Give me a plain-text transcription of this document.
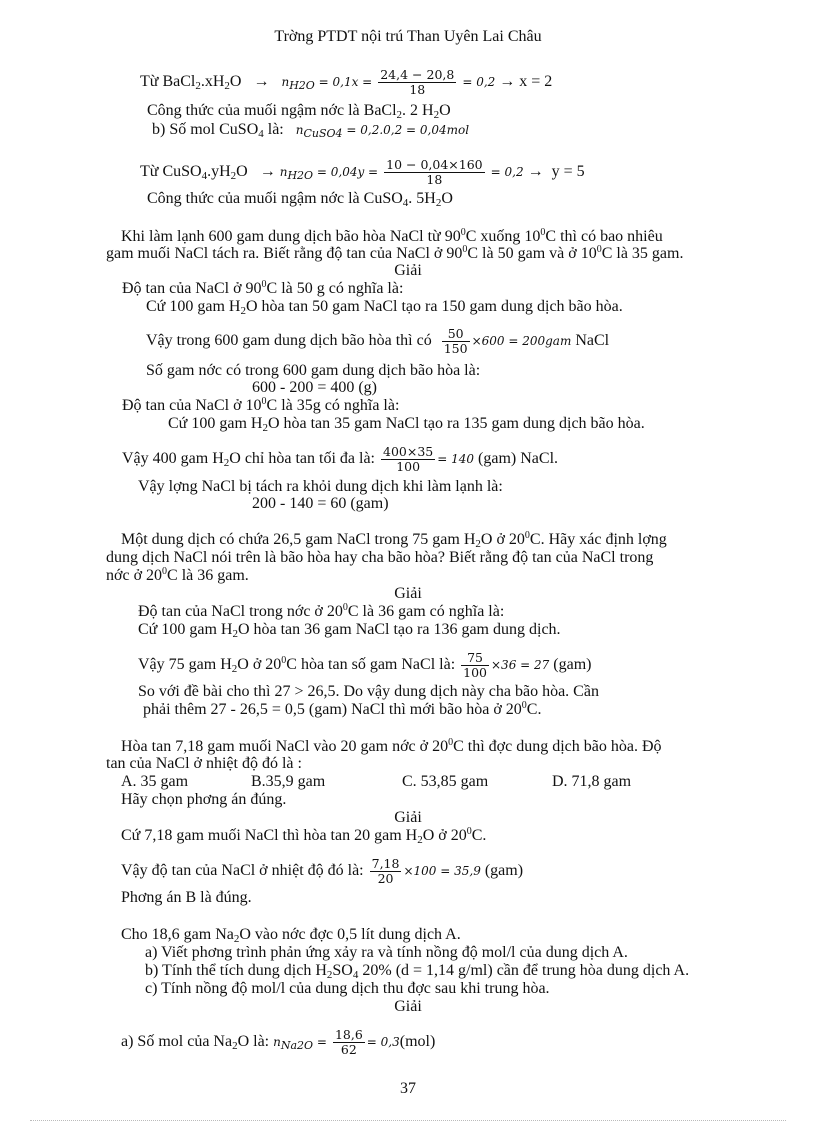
Trờng PTDT nội trú Than Uyên Lai Châu
Từ $BaCl_2.xH_2O \to n_{H2O} = 0,1x = \frac{24,4 - 20,8}{18} = 0,2 \to x = 2$
Công thức của muối ngậm nớc là BaCl$_2$. 2 $H_2O$
b) Số mol CuSO$_4$ là: $n_{CuSO4} = 0,2.0,2 = 0,04mol$
Từ $CuSO_4.yH_2O \to n_{H2O} = 0,04y = \frac{10 - 0,04\times 160}{18} = 0,2 \to y = 5$
Công thức của muối ngậm nớc là CuSO$_4$. $5H_2O$
Khi làm lạnh 600 gam dung dịch bão hòa NaCl từ $90^0C$ xuống $10^0C$ thì có bao nhiêu
gam muối NaCl tách ra. Biết rằng độ tan của NaCl ở $90^0C$ là 50 gam và ở $10^0C$ là 35 gam.
Giải
Độ tan của NaCl ở $90^0C$ là 50 g có nghĩa là:
Cứ 100 gam $H_2O$ hòa tan 50 gam NaCl tạo ra 150 gam dung dịch bão hòa.
Vậy trong 600 gam dung dịch bão hòa thì có $\frac{50}{150} \times 600 = 200gam$ NaCl
Số gam nớc có trong 600 gam dung dịch bão hòa là:
600 - 200 = 400 (g)
Độ tan của NaCl ở $10^0C$ là 35g có nghĩa là:
Cứ 100 gam $H_2O$ hòa tan 35 gam NaCl tạo ra 135 gam dung dịch bão hòa.
Vậy 400 gam $H_2O$ chỉ hòa tan tối đa là: $\frac{400\times 35}{100} = 140$ (gam) NaCl.
Vậy lợng NaCl bị tách ra khỏi dung dịch khi làm lạnh là:
200 - 140 = 60 (gam)
Một dung dịch có chứa 26,5 gam NaCl trong 75 gam $H_2O$ ở $20^0C$. Hãy xác định lợng
dung dịch NaCl nói trên là bão hòa hay cha bão hòa? Biết rằng độ tan của NaCl trong
nớc ở $20^0C$ là 36 gam.
Giải
Độ tan của NaCl trong nớc ở $20^0C$ là 36 gam có nghĩa là:
Cứ 100 gam $H_2O$ hòa tan 36 gam NaCl tạo ra 136 gam dung dịch.
Vậy 75 gam $H_2O$ ở $20^0C$ hòa tan số gam NaCl là: $\frac{75}{100} \times 36 = 27$ (gam)
So với đề bài cho thì 27 > 26,5. Do vậy dung dịch này cha bão hòa. Cần
phải thêm 27 - 26,5 = 0,5 (gam) NaCl thì mới bão hòa ở $20^0C$.
Hòa tan 7,18 gam muối NaCl vào 20 gam nớc ở $20^0C$ thì đợc dung dịch bão hòa. Độ
tan của NaCl ở nhiệt độ đó là :
A. 35 gam	B.35,9 gam	C. 53,85 gam	D. 71,8 gam
Hãy chọn phơng án đúng.
Giải
Cứ 7,18 gam muối NaCl thì hòa tan 20 gam $H_2O$ ở $20^0C$.
Vậy độ tan của NaCl ở nhiệt độ đó là: $\frac{7,18}{20} \times 100 = 35,9$ (gam)
Phơng án B là đúng.
Cho 18,6 gam $Na_2O$ vào nớc đợc 0,5 lít dung dịch A.
a) Viết phơng trình phản ứng xảy ra và tính nồng độ mol/l của dung dịch A.
b) Tính thể tích dung dịch $H_2SO_4$ 20% (d = 1,14 g/ml) cần để trung hòa dung dịch A.
c) Tính nồng độ mol/l của dung dịch thu đợc sau khi trung hòa.
Giải
a) Số mol của $Na_2O$ là: $n_{Na2O} = \frac{18,6}{62} = 0,3(mol)$
37
